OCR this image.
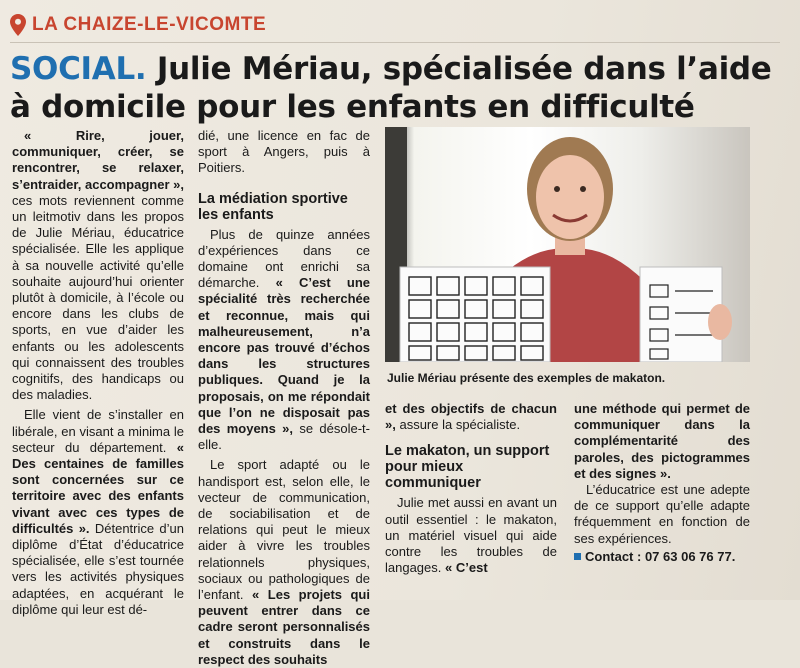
LA CHAIZE-LE-VICOMTE
SOCIAL. Julie Mériau, spécialisée dans l’aide à domicile pour les enfants en difficulté

« Rire, jouer, communiquer, créer, se rencontrer, se relaxer, s’entraider, accompagner », ces mots reviennent comme un leitmotiv dans les propos de Julie Mériau, éducatrice spécialisée. Elle les applique à sa nouvelle activité qu’elle souhaite aujourd’hui orienter plutôt à domicile, à l’école ou encore dans les clubs de sports, en vue d’aider les enfants ou les adolescents qui connaissent des troubles cognitifs, des handicaps ou des maladies.

Elle vient de s’installer en libérale, en visant a minima le secteur du département. « Des centaines de familles sont concernées sur ce territoire avec des enfants vivant avec ces types de difficultés ». Détentrice d’un diplôme d’État d’éducatrice spécialisée, elle s’est tournée vers les activités physiques adaptées, en acquérant le diplôme qui leur est dé-

dié, une licence en fac de sport à Angers, puis à Poitiers.

La médiation sportive les enfants

Plus de quinze années d’expériences dans ce domaine ont enrichi sa démarche. « C’est une spécialité très recherchée et reconnue, mais qui malheureusement, n’a encore pas trouvé d’échos dans les structures publiques. Quand je la proposais, on me répondait que l’on ne disposait pas des moyens », se désole-t-elle.

Le sport adapté ou le handisport est, selon elle, le vecteur de communication, de sociabilisation et de relations qui peut le mieux aider à vivre les troubles relationnels physiques, sociaux ou pathologiques de l’enfant. « Les projets qui peuvent entrer dans ce cadre seront personnalisés et construits dans le respect des souhaits

Julie Mériau présente des exemples de makaton.

et des objectifs de chacun », assure la spécialiste.

Le makaton, un support pour mieux communiquer

Julie met aussi en avant un outil essentiel : le makaton, un matériel visuel qui aide contre les troubles de langages. « C’est

une méthode qui permet de communiquer dans la complémentarité des paroles, des pictogrammes et des signes ».

L’éducatrice est une adepte de ce support qu’elle adapte fréquemment en fonction de ses expériences.

Contact : 07 63 06 76 77.
